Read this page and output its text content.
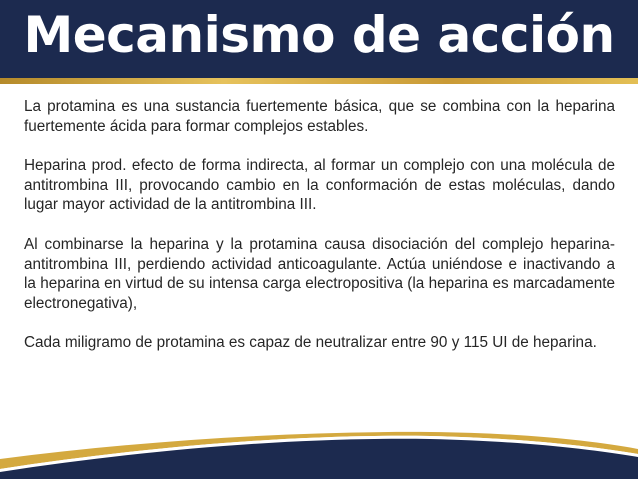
Mecanismo de acción

La protamina es una sustancia fuertemente básica, que se combina con la heparina fuertemente ácida para formar complejos estables.

Heparina prod. efecto de forma indirecta, al formar un complejo con una molécula de antitrombina III, provocando cambio en la conformación de estas moléculas, dando lugar mayor actividad de la antitrombina III.

Al combinarse la heparina y la protamina causa disociación del complejo heparina-antitrombina III, perdiendo actividad anticoagulante. Actúa uniéndose e inactivando a la heparina en virtud de su intensa carga electropositiva (la heparina es marcadamente electronegativa),

Cada miligramo de protamina es capaz de neutralizar entre 90 y 115 UI de heparina.
